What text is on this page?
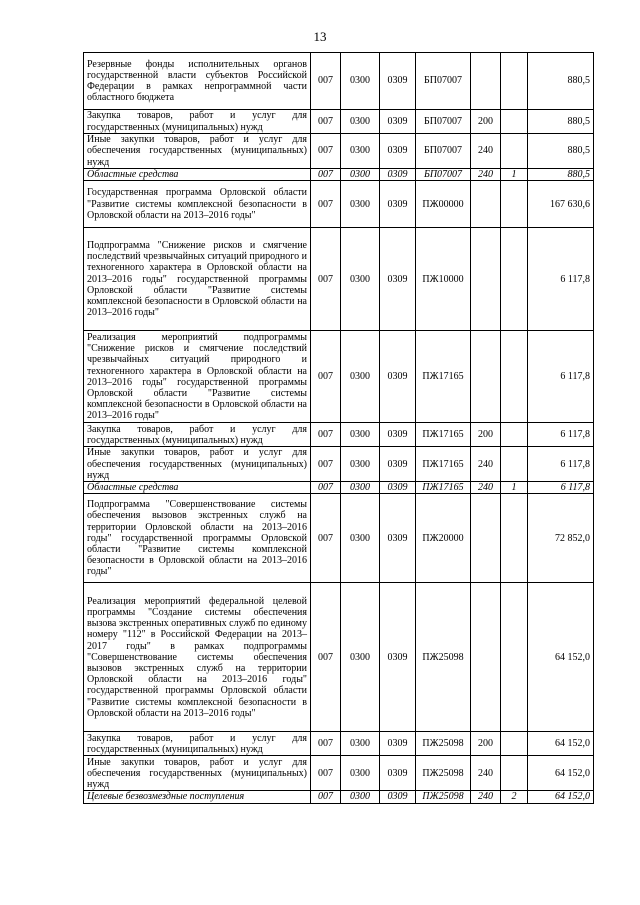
13
Резервные фонды исполнительных органов государственной власти субъектов Российской Федерации в рамках непрограммной части областного бюджета	007	0300	0309	БП07007			880,5
Закупка товаров, работ и услуг для государственных (муниципальных) нужд	007	0300	0309	БП07007	200		880,5
Иные закупки товаров, работ и услуг для обеспечения государственных (муниципальных) нужд	007	0300	0309	БП07007	240		880,5
Областные средства	007	0300	0309	БП07007	240	1	880,5
Государственная программа Орловской области "Развитие системы комплексной безопасности в Орловской области на 2013–2016 годы"	007	0300	0309	ПЖ00000			167 630,6
Подпрограмма "Снижение рисков и смягчение последствий чрезвычайных ситуаций природного и техногенного характера в Орловской области на 2013–2016 годы" государственной программы Орловской области "Развитие системы комплексной безопасности в Орловской области на 2013–2016 годы"	007	0300	0309	ПЖ10000			6 117,8
Реализация мероприятий подпрограммы "Снижение рисков и смягчение последствий чрезвычайных ситуаций природного и техногенного характера в Орловской области на 2013–2016 годы" государственной программы Орловской области "Развитие системы комплексной безопасности в Орловской области на 2013–2016 годы"	007	0300	0309	ПЖ17165			6 117,8
Закупка товаров, работ и услуг для государственных (муниципальных) нужд	007	0300	0309	ПЖ17165	200		6 117,8
Иные закупки товаров, работ и услуг для обеспечения государственных (муниципальных) нужд	007	0300	0309	ПЖ17165	240		6 117,8
Областные средства	007	0300	0309	ПЖ17165	240	1	6 117,8
Подпрограмма "Совершенствование системы обеспечения вызовов экстренных служб на территории Орловской области на 2013–2016 годы" государственной программы Орловской области "Развитие системы комплексной безопасности в Орловской области на 2013–2016 годы"	007	0300	0309	ПЖ20000			72 852,0
Реализация мероприятий федеральной целевой программы "Создание системы обеспечения вызова экстренных оперативных служб по единому номеру "112" в Российской Федерации на 2013–2017 годы" в рамках подпрограммы "Совершенствование системы обеспечения вызовов экстренных служб на территории Орловской области на 2013–2016 годы" государственной программы Орловской области "Развитие системы комплексной безопасности в Орловской области на 2013–2016 годы"	007	0300	0309	ПЖ25098			64 152,0
Закупка товаров, работ и услуг для государственных (муниципальных) нужд	007	0300	0309	ПЖ25098	200		64 152,0
Иные закупки товаров, работ и услуг для обеспечения государственных (муниципальных) нужд	007	0300	0309	ПЖ25098	240		64 152,0
Целевые безвозмездные поступления	007	0300	0309	ПЖ25098	240	2	64 152,0
